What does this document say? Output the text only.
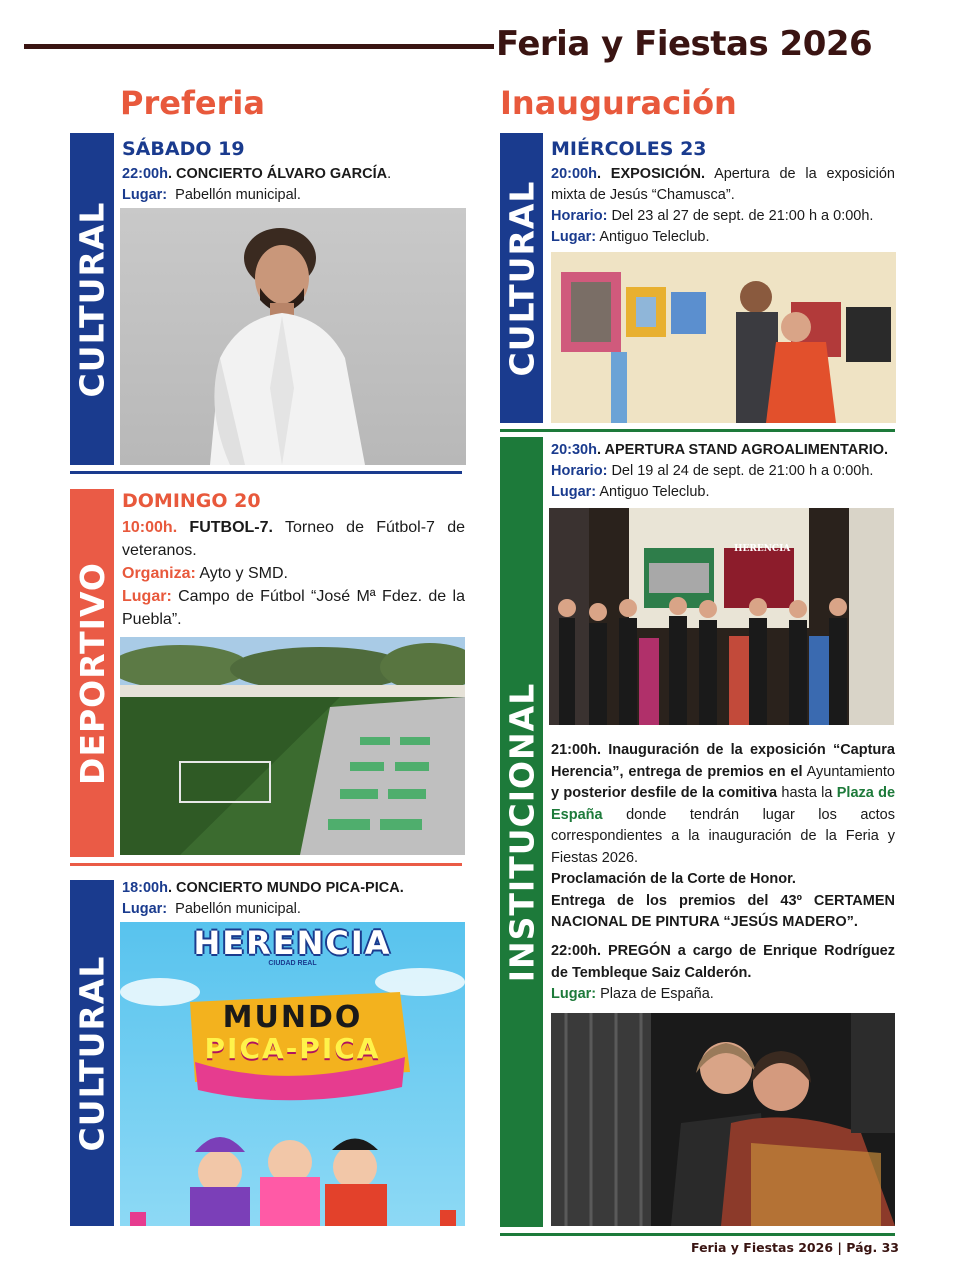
Feria y Fiestas 2026
Preferia	Inauguración
CULTURAL
SÁBADO 19
22:00h. CONCIERTO ÁLVARO GARCÍA.
Lugar: Pabellón municipal.
DEPORTIVO
DOMINGO 20
10:00h. FUTBOL-7. Torneo de Fútbol-7 de veteranos.
Organiza: Ayto y SMD.
Lugar: Campo de Fútbol “José Mª Fdez. de la Puebla”.
CULTURAL
18:00h. CONCIERTO MUNDO PICA-PICA.
Lugar: Pabellón municipal.
HERENCIA
CIUDAD REAL
MUNDO
PICA-PICA
CULTURAL
MIÉRCOLES 23
20:00h. EXPOSICIÓN. Apertura de la exposición mixta de Jesús “Chamusca”.
Horario: Del 23 al 27 de sept. de 21:00 h a 0:00h.
Lugar: Antiguo Teleclub.
INSTITUCIONAL
20:30h. APERTURA STAND AGROALIMENTARIO.
Horario: Del 19 al 24 de sept. de 21:00 h a 0:00h.
Lugar: Antiguo Teleclub.
HERENCIA
21:00h. Inauguración de la exposición “Captura Herencia”, entrega de premios en el Ayuntamiento y posterior desfile de la comitiva hasta la Plaza de España donde tendrán lugar los actos correspondientes a la inauguración de la Feria y Fiestas 2026.
Proclamación de la Corte de Honor.
Entrega de los premios del 43º CERTAMEN NACIONAL DE PINTURA “JESÚS MADERO”.
22:00h. PREGÓN a cargo de Enrique Rodríguez de Tembleque Saiz Calderón.
Lugar: Plaza de España.
Feria y Fiestas 2026 | Pág. 33
